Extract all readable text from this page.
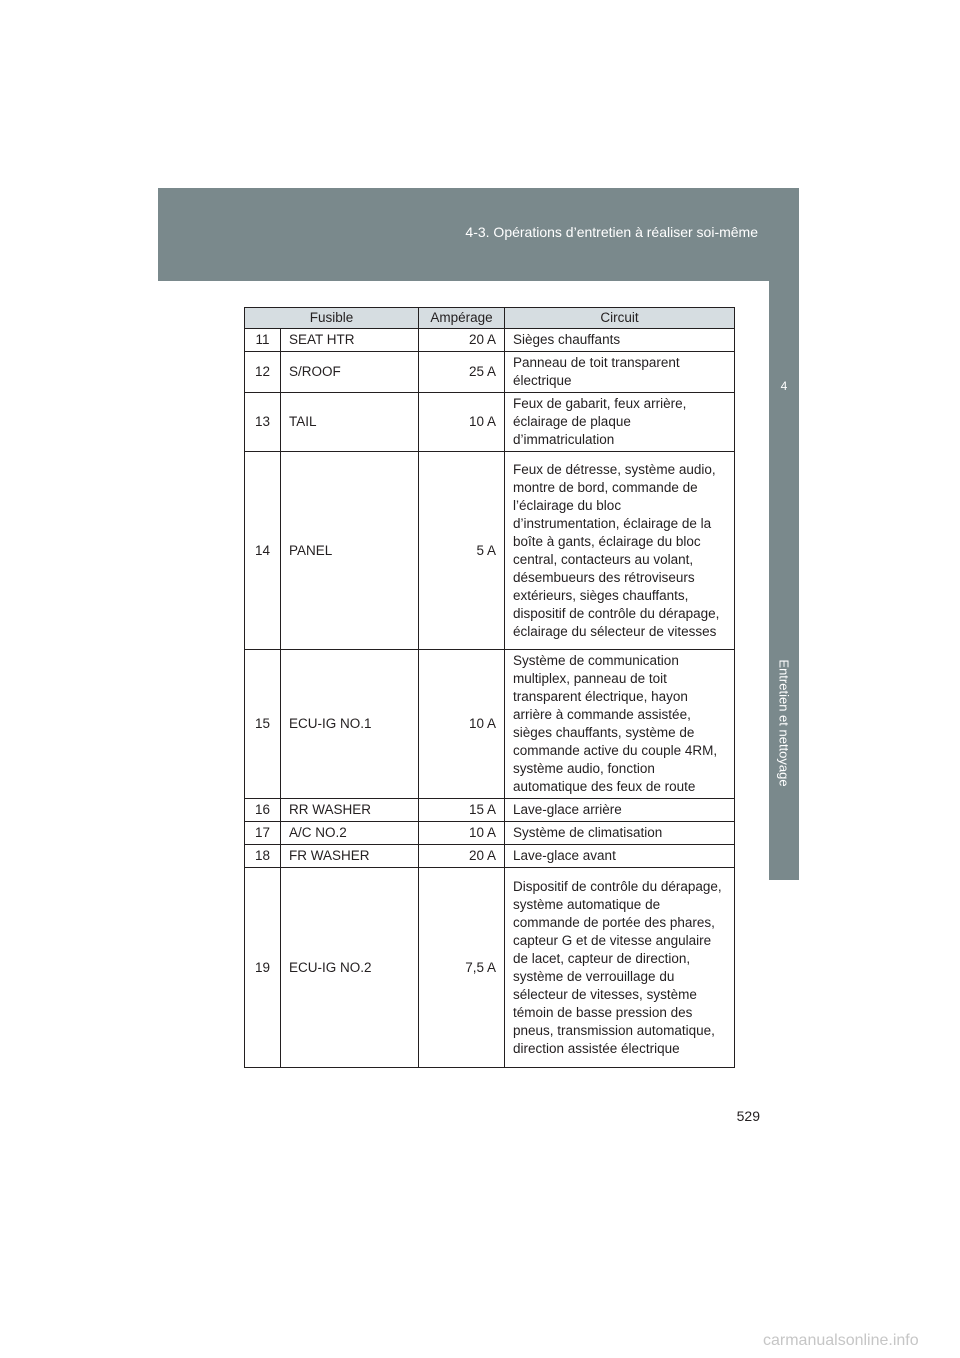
4-3. Opérations d’entretien à réaliser soi-même
4
Entretien et nettoyage
Fusible		Ampérage	Circuit
11	SEAT HTR	20 A	Sièges chauffants
12	S/ROOF	25 A	Panneau de toit transparent électrique
13	TAIL	10 A	Feux de gabarit, feux arrière, éclairage de plaque d’immatriculation
14	PANEL	5 A	Feux de détresse, système audio, montre de bord, commande de l’éclairage du bloc d’instrumentation, éclairage de la boîte à gants, éclairage du bloc central, contacteurs au volant, désembueurs des rétroviseurs extérieurs, sièges chauffants, dispositif de contrôle du dérapage, éclairage du sélecteur de vitesses
15	ECU-IG NO.1	10 A	Système de communication multiplex, panneau de toit transparent électrique, hayon arrière à commande assistée, sièges chauffants, système de commande active du couple 4RM, système audio, fonction automatique des feux de route
16	RR WASHER	15 A	Lave-glace arrière
17	A/C NO.2	10 A	Système de climatisation
18	FR WASHER	20 A	Lave-glace avant
19	ECU-IG NO.2	7,5 A	Dispositif de contrôle du dérapage, système automatique de commande de portée des phares, capteur G et de vitesse angulaire de lacet, capteur de direction, système de verrouillage du sélecteur de vitesses, système témoin de basse pression des pneus, transmission automatique, direction assistée électrique
529
carmanualsonline.info
